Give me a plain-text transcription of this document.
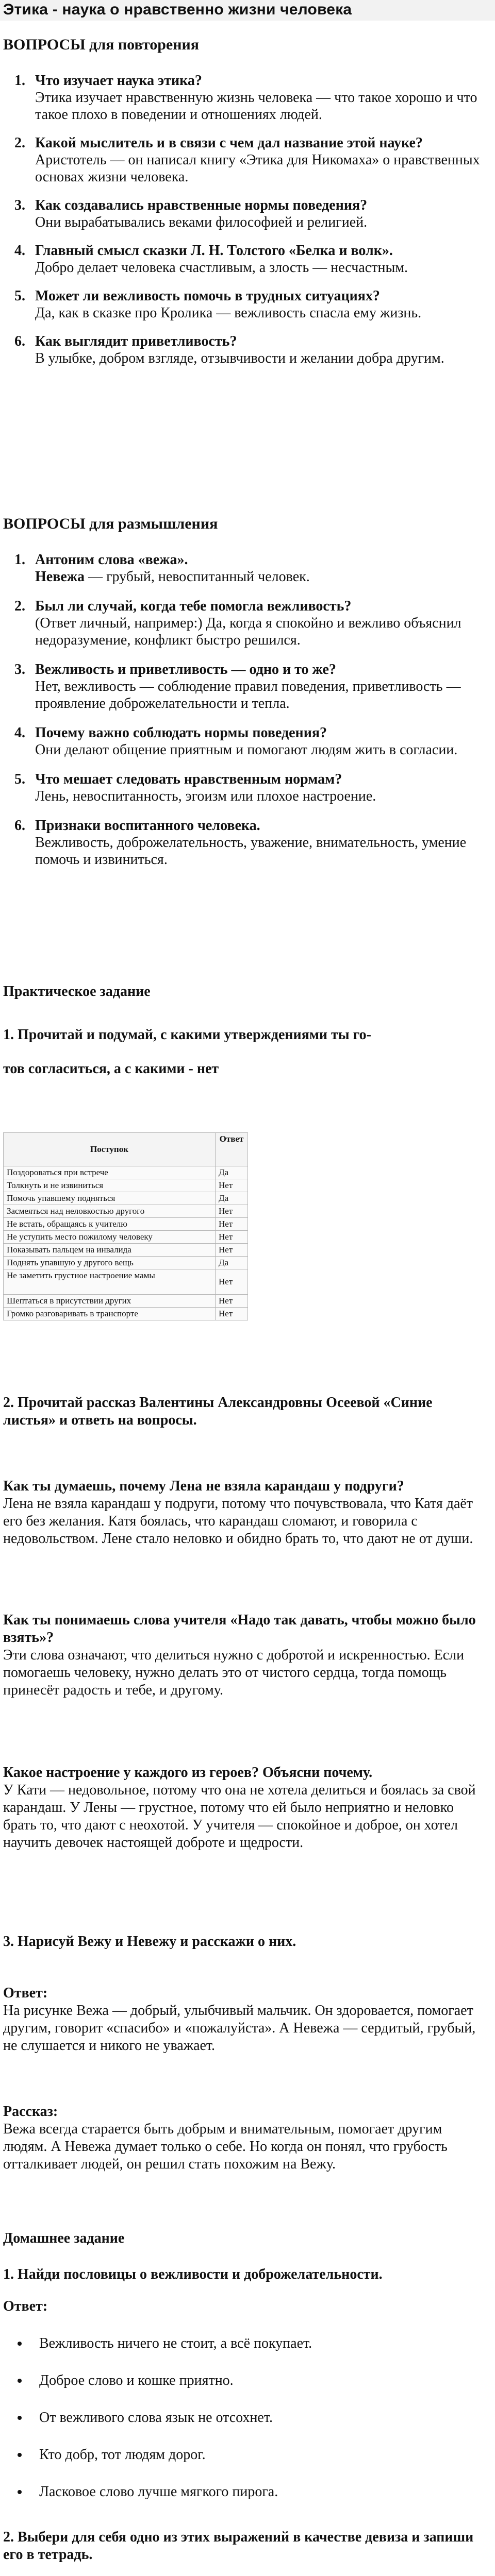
Этика - наука о нравственно жизни человека
ВОПРОСЫ для повторения
1. Что изучает наука этика?
Этика изучает нравственную жизнь человека — что такое хорошо и что такое плохо в поведении и отношениях людей.
2. Какой мыслитель и в связи с чем дал название этой науке?
Аристотель — он написал книгу «Этика для Никомаха» о нравственных основах жизни человека.
3. Как создавались нравственные нормы поведения?
Они вырабатывались веками философией и религией.
4. Главный смысл сказки Л. Н. Толстого «Белка и волк».
Добро делает человека счастливым, а злость — несчастным.
5. Может ли вежливость помочь в трудных ситуациях?
Да, как в сказке про Кролика — вежливость спасла ему жизнь.
6. Как выглядит приветливость?
В улыбке, добром взгляде, отзывчивости и желании добра другим.
ВОПРОСЫ для размышления
1. Антоним слова «вежа».
Невежа — грубый, невоспитанный человек.
2. Был ли случай, когда тебе помогла вежливость?
(Ответ личный, например:) Да, когда я спокойно и вежливо объяснил недоразумение, конфликт быстро решился.
3. Вежливость и приветливость — одно и то же?
Нет, вежливость — соблюдение правил поведения, приветливость — проявление доброжелательности и тепла.
4. Почему важно соблюдать нормы поведения?
Они делают общение приятным и помогают людям жить в согласии.
5. Что мешает следовать нравственным нормам?
Лень, невоспитанность, эгоизм или плохое настроение.
6. Признаки воспитанного человека.
Вежливость, доброжелательность, уважение, внимательность, умение помочь и извиниться.
Практическое задание
1. Прочитай и подумай, с какими утверждениями ты го-
тов согласиться, а с какими - нет
Поступок	Ответ
Поздороваться при встрече	Да
Толкнуть и не извиниться	Нет
Помочь упавшему подняться	Да
Засмеяться над неловкостью другого	Нет
Не встать, обращаясь к учителю	Нет
Не уступить место пожилому человеку	Нет
Показывать пальцем на инвалида	Нет
Поднять упавшую у другого вещь	Да
Не заметить грустное настроение мамы	Нет
Шептаться в присутствии других	Нет
Громко разговаривать в транспорте	Нет
2. Прочитай рассказ Валентины Александровны Осеевой «Синие листья» и ответь на вопросы.
Как ты думаешь, почему Лена не взяла карандаш у подруги?
Лена не взяла карандаш у подруги, потому что почувствовала, что Катя даёт его без желания. Катя боялась, что карандаш сломают, и говорила с недовольством. Лене стало неловко и обидно брать то, что дают не от души.
Как ты понимаешь слова учителя «Надо так давать, чтобы можно было взять»?
Эти слова означают, что делиться нужно с добротой и искренностью. Если помогаешь человеку, нужно делать это от чистого сердца, тогда помощь принесёт радость и тебе, и другому.
Какое настроение у каждого из героев? Объясни почему.
У Кати — недовольное, потому что она не хотела делиться и боялась за свой карандаш. У Лены — грустное, потому что ей было неприятно и неловко брать то, что дают с неохотой. У учителя — спокойное и доброе, он хотел научить девочек настоящей доброте и щедрости.
3. Нарисуй Вежу и Невежу и расскажи о них.
Ответ:
На рисунке Вежа — добрый, улыбчивый мальчик. Он здоровается, помогает другим, говорит «спасибо» и «пожалуйста». А Невежа — сердитый, грубый, не слушается и никого не уважает.
Рассказ:
Вежа всегда старается быть добрым и внимательным, помогает другим людям. А Невежа думает только о себе. Но когда он понял, что грубость отталкивает людей, он решил стать похожим на Вежу.
Домашнее задание
1. Найди пословицы о вежливости и доброжелательности.
Ответ:
Вежливость ничего не стоит, а всё покупает.
Доброе слово и кошке приятно.
От вежливого слова язык не отсохнет.
Кто добр, тот людям дорог.
Ласковое слово лучше мягкого пирога.
2. Выбери для себя одно из этих выражений в качестве девиза и запиши его в тетрадь.
